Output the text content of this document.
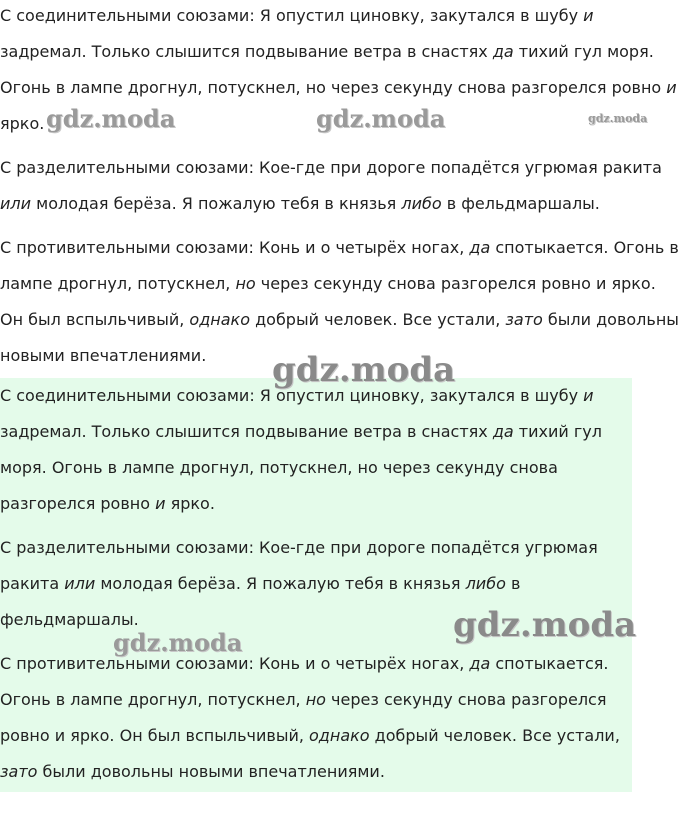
С соединительными союзами: Я опустил циновку, закутался в шубу и задремал. Только слышится подвывание ветра в снастях да тихий гул моря. Огонь в лампе дрогнул, потускнел, но через секунду снова разгорелся ровно и ярко.

С разделительными союзами: Кое-где при дороге попадётся угрюмая ракита или молодая берёза. Я пожалую тебя в князья либо в фельдмаршалы.

С противительными союзами: Конь и о четырёх ногах, да спотыкается. Огонь в лампе дрогнул, потускнел, но через секунду снова разгорелся ровно и ярко. Он был вспыльчивый, однако добрый человек. Все устали, зато были довольны новыми впечатлениями.

С соединительными союзами: Я опустил циновку, закутался в шубу и задремал. Только слышится подвывание ветра в снастях да тихий гул моря. Огонь в лампе дрогнул, потускнел, но через секунду снова разгорелся ровно и ярко.

С разделительными союзами: Кое-где при дороге попадётся угрюмая ракита или молодая берёза. Я пожалую тебя в князья либо в фельдмаршалы.

С противительными союзами: Конь и о четырёх ногах, да спотыкается. Огонь в лампе дрогнул, потускнел, но через секунду снова разгорелся ровно и ярко. Он был вспыльчивый, однако добрый человек. Все устали, зато были довольны новыми впечатлениями.

gdz.moda	gdz.moda	gdz.moda
gdz.moda
gdz.moda
gdz.moda
